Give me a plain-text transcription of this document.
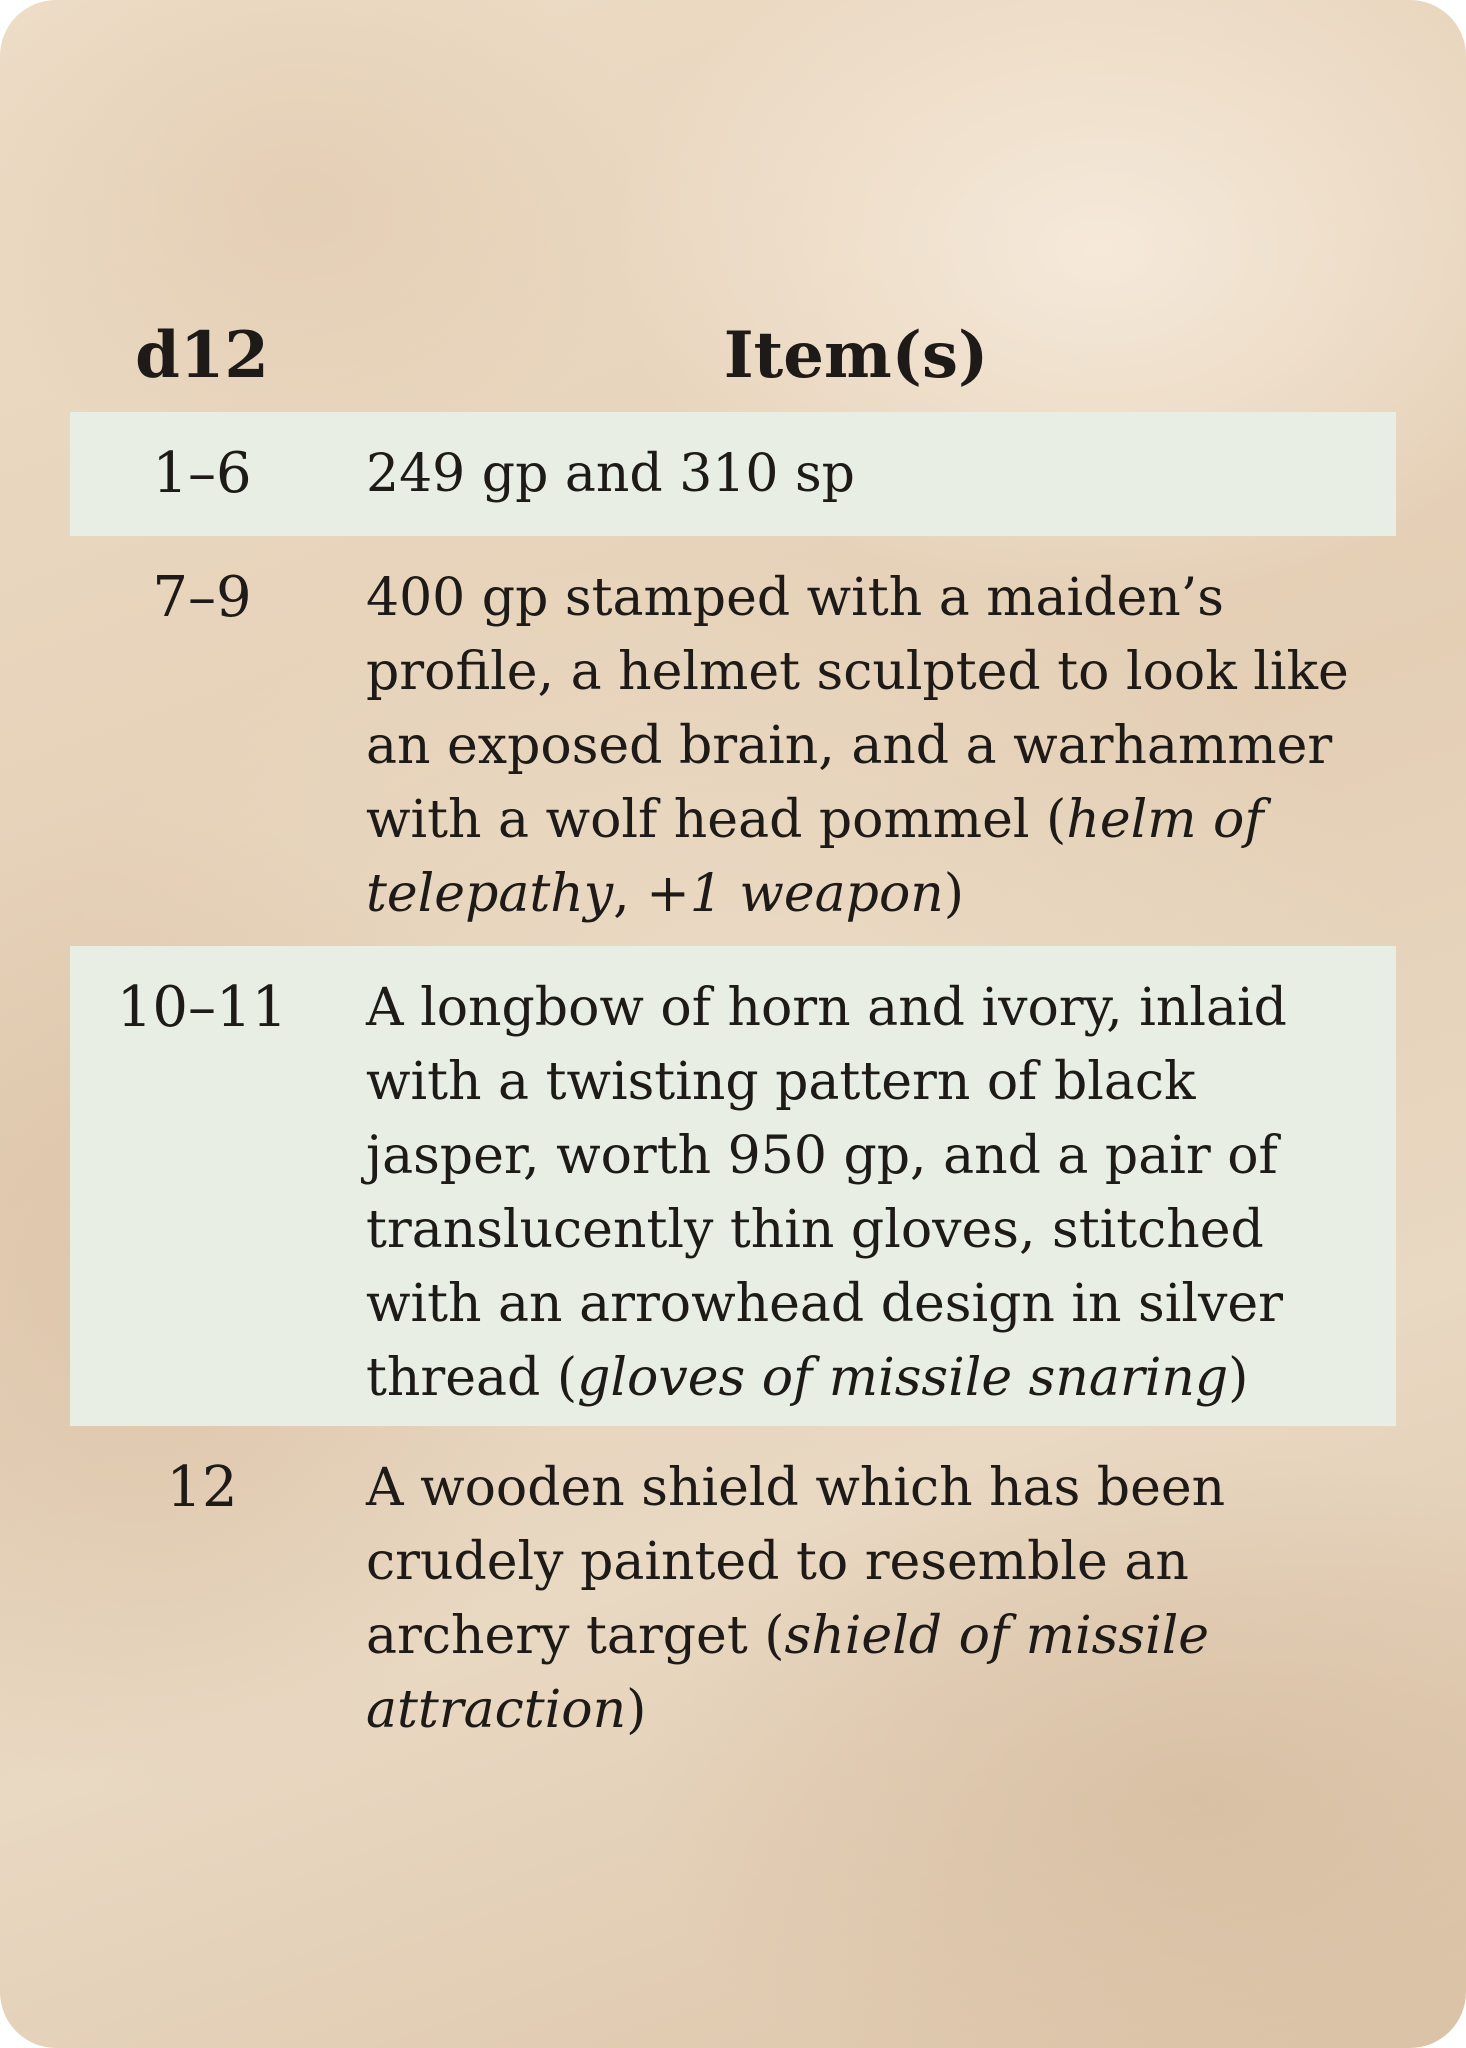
d12	Item(s)
1–6	249 gp and 310 sp
7–9	400 gp stamped with a maiden’s profile, a helmet sculpted to look like an exposed brain, and a warhammer with a wolf head pommel (helm of telepathy, +1 weapon)
10–11	A longbow of horn and ivory, inlaid with a twisting pattern of black jasper, worth 950 gp, and a pair of translucently thin gloves, stitched with an arrowhead design in silver thread (gloves of missile snaring)
12	A wooden shield which has been crudely painted to resemble an archery target (shield of missile attraction)
